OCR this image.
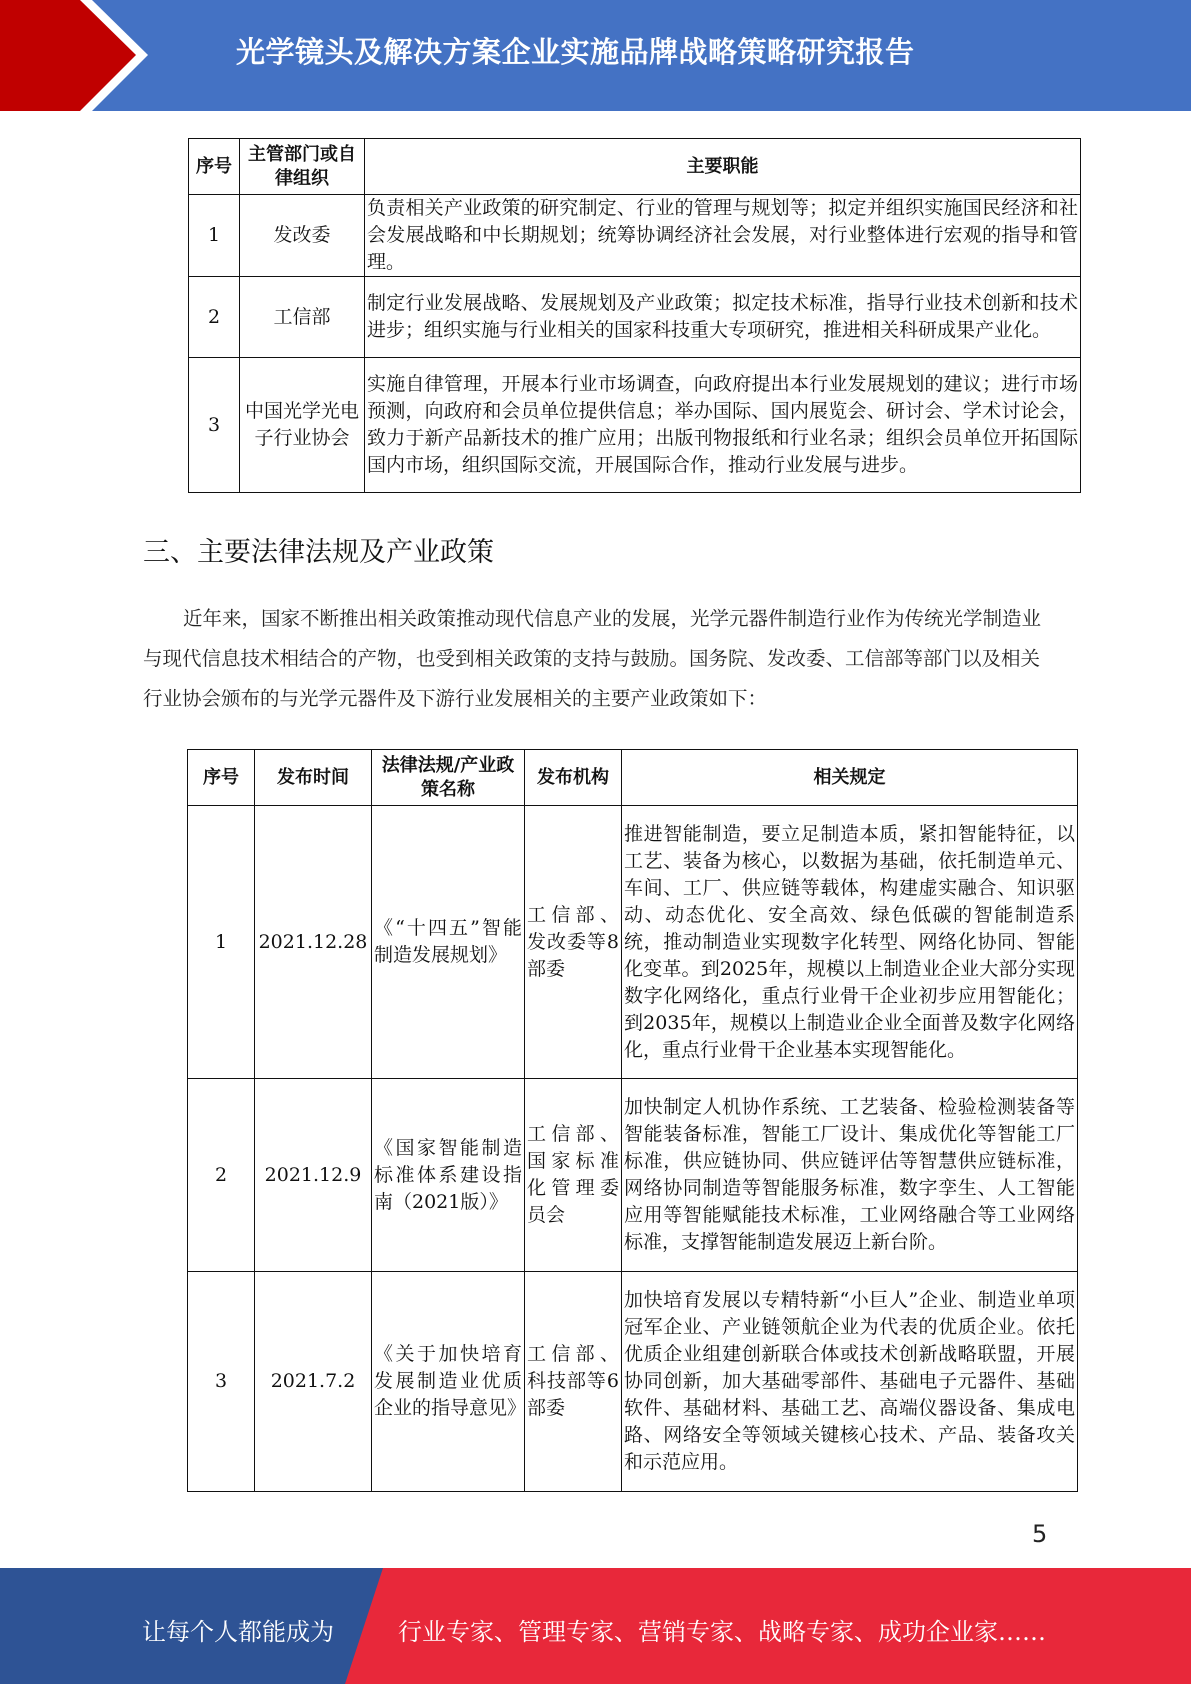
光学镜头及解决方案企业实施品牌战略策略研究报告
序号	主管部门或自律组织	主要职能
1	发改委	负责相关产业政策的研究制定、行业的管理与规划等；拟定并组织实施国民经济和社会发展战略和中长期规划；统筹协调经济社会发展，对行业整体进行宏观的指导和管理。
2	工信部	制定行业发展战略、发展规划及产业政策；拟定技术标准，指导行业技术创新和技术进步；组织实施与行业相关的国家科技重大专项研究，推进相关科研成果产业化。
3	中国光学光电子行业协会	实施自律管理，开展本行业市场调查，向政府提出本行业发展规划的建议；进行市场预测，向政府和会员单位提供信息；举办国际、国内展览会、研讨会、学术讨论会，致力于新产品新技术的推广应用；出版刊物报纸和行业名录；组织会员单位开拓国际国内市场，组织国际交流，开展国际合作，推动行业发展与进步。
三、主要法律法规及产业政策
近年来，国家不断推出相关政策推动现代信息产业的发展，光学元器件制造行业作为传统光学制造业与现代信息技术相结合的产物，也受到相关政策的支持与鼓励。国务院、发改委、工信部等部门以及相关行业协会颁布的与光学元器件及下游行业发展相关的主要产业政策如下：
序号	发布时间	法律法规/产业政策名称	发布机构	相关规定
1	2021.12.28	《“十四五”智能制造发展规划》	工信部、发改委等8部委	推进智能制造，要立足制造本质，紧扣智能特征，以工艺、装备为核心，以数据为基础，依托制造单元、车间、工厂、供应链等载体，构建虚实融合、知识驱动、动态优化、安全高效、绿色低碳的智能制造系统，推动制造业实现数字化转型、网络化协同、智能化变革。到2025年，规模以上制造业企业大部分实现数字化网络化，重点行业骨干企业初步应用智能化；到2035年，规模以上制造业企业全面普及数字化网络化，重点行业骨干企业基本实现智能化。
2	2021.12.9	《国家智能制造标准体系建设指南（2021版）》	工信部、国家标准化管理委员会	加快制定人机协作系统、工艺装备、检验检测装备等智能装备标准，智能工厂设计、集成优化等智能工厂标准，供应链协同、供应链评估等智慧供应链标准，网络协同制造等智能服务标准，数字孪生、人工智能应用等智能赋能技术标准，工业网络融合等工业网络标准，支撑智能制造发展迈上新台阶。
3	2021.7.2	《关于加快培育发展制造业优质企业的指导意见》	工信部、科技部等6部委	加快培育发展以专精特新“小巨人”企业、制造业单项冠军企业、产业链领航企业为代表的优质企业。依托优质企业组建创新联合体或技术创新战略联盟，开展协同创新，加大基础零部件、基础电子元器件、基础软件、基础材料、基础工艺、高端仪器设备、集成电路、网络安全等领域关键核心技术、产品、装备攻关和示范应用。
5
让每个人都能成为	行业专家、管理专家、营销专家、战略专家、成功企业家……
